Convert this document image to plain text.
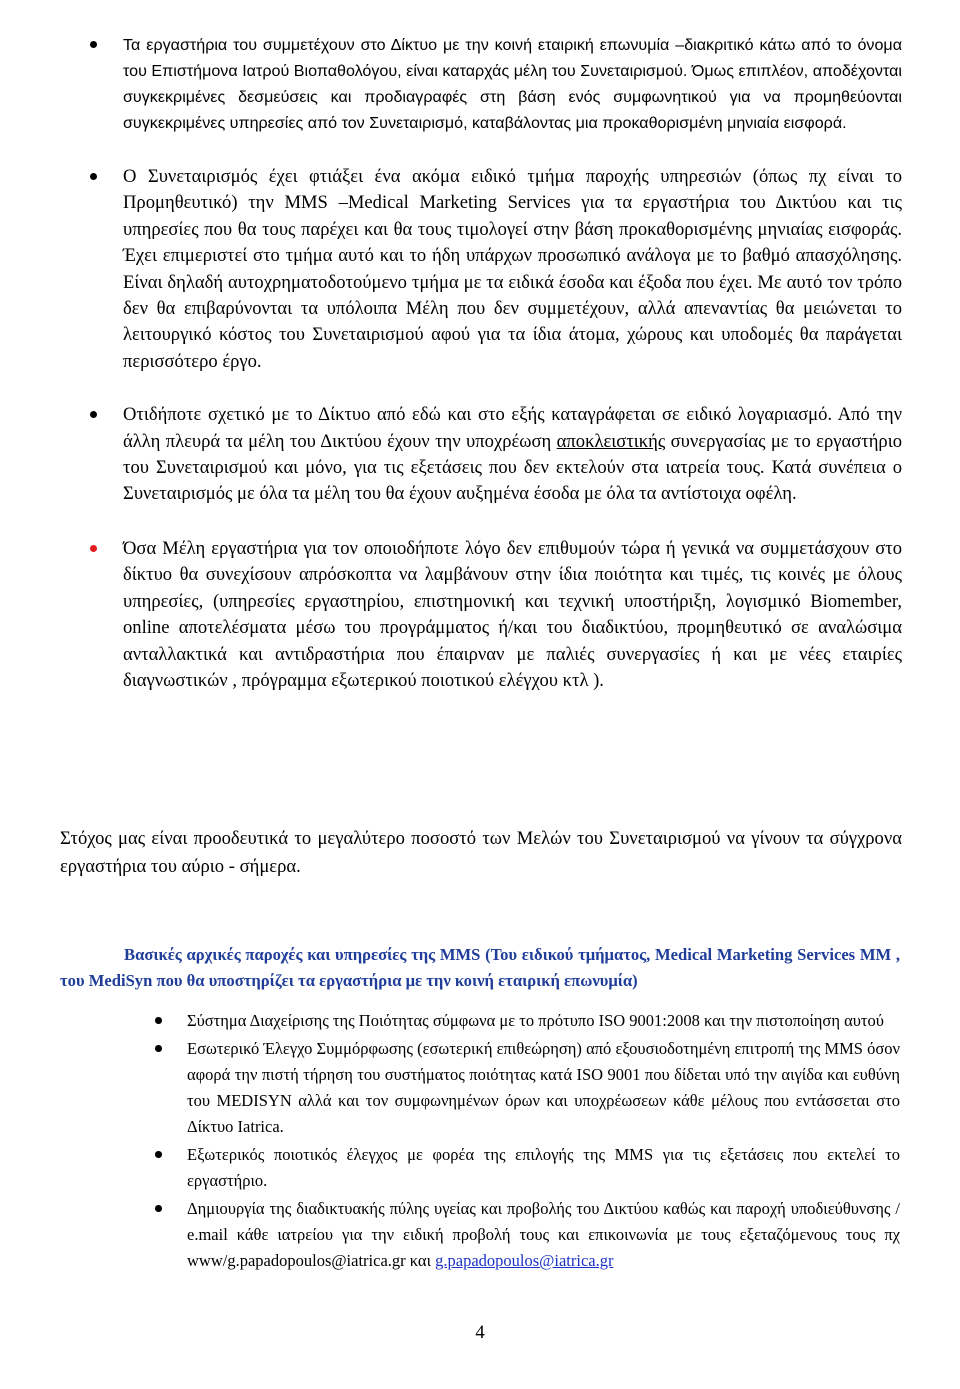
Τα εργαστήρια του συμμετέχουν στο Δίκτυο με την κοινή εταιρική επωνυμία –διακριτικό κάτω από το όνομα του Επιστήμονα Ιατρού Βιοπαθολόγου, είναι καταρχάς μέλη του Συνεταιρισμού. Όμως επιπλέον, αποδέχονται συγκεκριμένες δεσμεύσεις και προδιαγραφές στη βάση ενός συμφωνητικού για να προμηθεύονται συγκεκριμένες υπηρεσίες από τον Συνεταιρισμό, καταβάλοντας μια προκαθορισμένη μηνιαία εισφορά.
Ο Συνεταιρισμός έχει φτιάξει ένα ακόμα ειδικό τμήμα παροχής υπηρεσιών (όπως πχ είναι το Προμηθευτικό) την MMS –Medical Marketing Services για τα εργαστήρια του Δικτύου και τις υπηρεσίες που θα τους παρέχει και θα τους τιμολογεί στην βάση προκαθορισμένης μηνιαίας εισφοράς. Έχει επιμεριστεί στο τμήμα αυτό και το ήδη υπάρχων προσωπικό ανάλογα με το βαθμό απασχόλησης. Είναι δηλαδή αυτοχρηματοδοτούμενο τμήμα με τα ειδικά έσοδα και έξοδα που έχει. Με αυτό τον τρόπο δεν θα επιβαρύνονται τα υπόλοιπα Μέλη που δεν συμμετέχουν, αλλά απεναντίας θα μειώνεται το λειτουργικό κόστος του Συνεταιρισμού αφού για τα ίδια άτομα, χώρους και υποδομές θα παράγεται περισσότερο έργο.
Οτιδήποτε σχετικό με το Δίκτυο από εδώ και στο εξής καταγράφεται σε ειδικό λογαριασμό. Από την άλλη πλευρά τα μέλη του Δικτύου έχουν την υποχρέωση αποκλειστικής συνεργασίας με το εργαστήριο του Συνεταιρισμού και μόνο, για τις εξετάσεις που δεν εκτελούν στα ιατρεία τους. Κατά συνέπεια ο Συνεταιρισμός με όλα τα μέλη του θα έχουν αυξημένα έσοδα με όλα τα αντίστοιχα οφέλη.
Όσα Μέλη εργαστήρια για τον οποιοδήποτε λόγο δεν επιθυμούν τώρα ή γενικά να συμμετάσχουν στο δίκτυο θα συνεχίσουν απρόσκοπτα να λαμβάνουν στην ίδια ποιότητα και τιμές, τις κοινές με όλους υπηρεσίες, (υπηρεσίες εργαστηρίου, επιστημονική και τεχνική υποστήριξη, λογισμικό Biomember, online αποτελέσματα μέσω του προγράμματος ή/και του διαδικτύου, προμηθευτικό σε αναλώσιμα ανταλλακτικά και αντιδραστήρια που έπαιρναν με παλιές συνεργασίες ή και με νέες εταιρίες διαγνωστικών , πρόγραμμα εξωτερικού ποιοτικού ελέγχου κτλ ).

Στόχος μας είναι προοδευτικά το μεγαλύτερο ποσοστό των Μελών του Συνεταιρισμού να γίνουν τα σύγχρονα εργαστήρια του αύριο - σήμερα.

Βασικές αρχικές παροχές και υπηρεσίες της MMS (Του ειδικού τμήματος, Medical Marketing Services MM , του MediSyn που θα υποστηρίζει τα εργαστήρια με την κοινή εταιρική επωνυμία)

Σύστημα Διαχείρισης της Ποιότητας σύμφωνα με το πρότυπο ISO 9001:2008 και την πιστοποίηση αυτού
Εσωτερικό Έλεγχο Συμμόρφωσης (εσωτερική επιθεώρηση) από εξουσιοδοτημένη επιτροπή της MMS όσον αφορά την πιστή τήρηση του συστήματος ποιότητας κατά ISO 9001 που δίδεται υπό την αιγίδα και ευθύνη του MEDISYN αλλά και τον συμφωνημένων όρων και υποχρέωσεων κάθε μέλους που εντάσσεται στο Δίκτυο Iatrica.
Εξωτερικός ποιοτικός έλεγχος με φορέα της επιλογής της MMS για τις εξετάσεις που εκτελεί το εργαστήριο.
Δημιουργία της διαδικτυακής πύλης υγείας και προβολής του Δικτύου καθώς και παροχή υποδιεύθυνσης / e.mail κάθε ιατρείου για την ειδική προβολή τους και επικοινωνία με τους εξεταζόμενους τους πχ www/g.papadopoulos@iatrica.gr και g.papadopoulos@iatrica.gr
4
